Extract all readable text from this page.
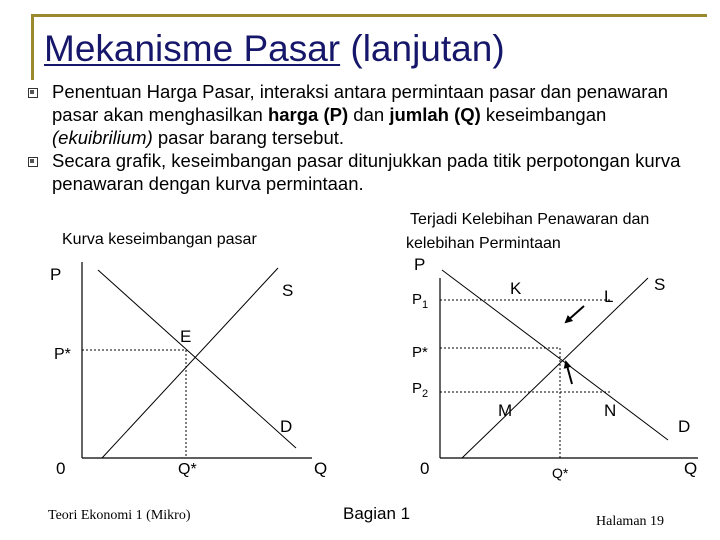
Mekanisme Pasar (lanjutan)
Penentuan Harga Pasar, interaksi antara permintaan pasar dan penawaran pasar akan menghasilkan harga (P) dan jumlah (Q) keseimbangan (ekuibrilium) pasar barang tersebut.
Secara grafik, keseimbangan pasar ditunjukkan pada titik perpotongan kurva penawaran dengan kurva permintaan.
Kurva keseimbangan pasar
P
Q
0
S
D
E
P*
Q*
Terjadi Kelebihan Penawaran dan
kelebihan Permintaan
P
Q
0
S
D
$P_1$
$P_2$
P*
Q*
K	L
M	N
Teori Ekonomi 1 (Mikro)	Bagian 1	Halaman 19
